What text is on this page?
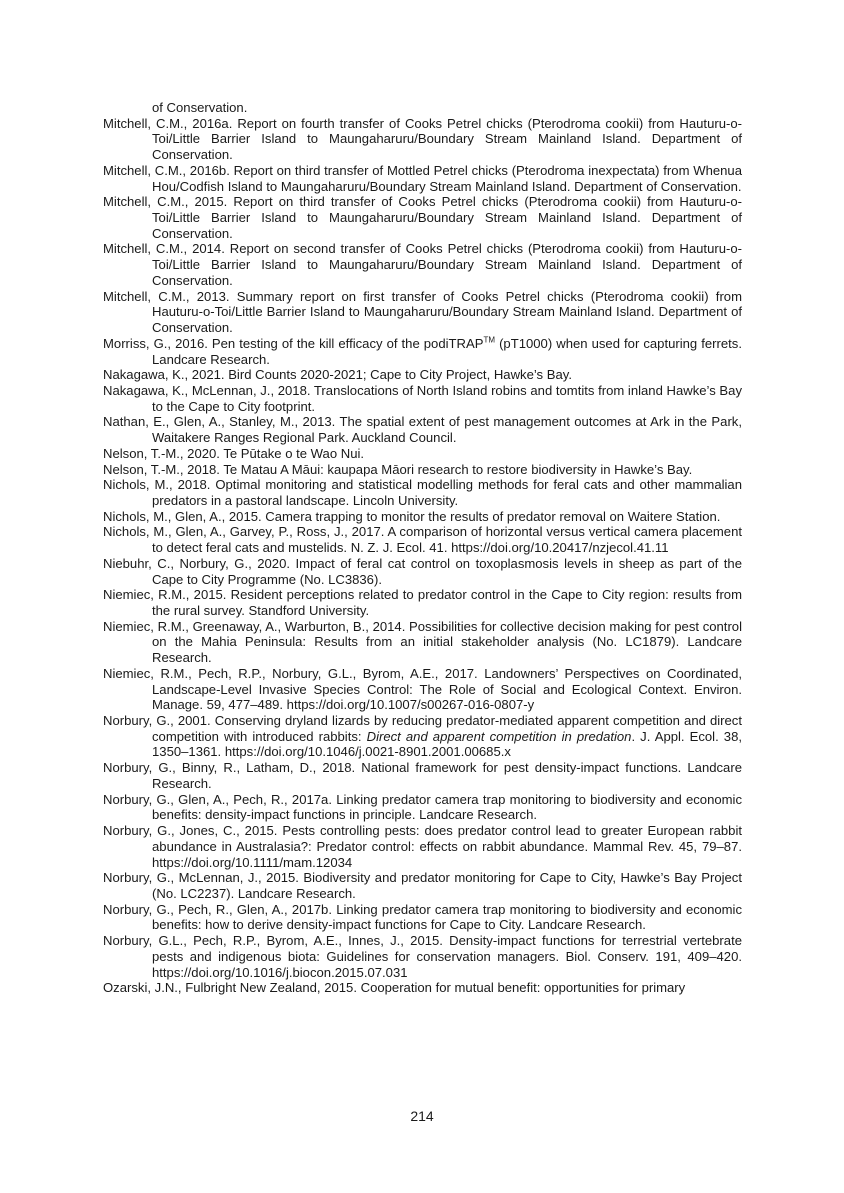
of Conservation.
Mitchell, C.M., 2016a. Report on fourth transfer of Cooks Petrel chicks (Pterodroma cookii) from Hauturu-o-Toi/Little Barrier Island to Maungaharuru/Boundary Stream Mainland Island. Department of Conservation.
Mitchell, C.M., 2016b. Report on third transfer of Mottled Petrel chicks (Pterodroma inexpectata) from Whenua Hou/Codfish Island to Maungaharuru/Boundary Stream Mainland Island. Department of Conservation.
Mitchell, C.M., 2015. Report on third transfer of Cooks Petrel chicks (Pterodroma cookii) from Hauturu-o-Toi/Little Barrier Island to Maungaharuru/Boundary Stream Mainland Island. Department of Conservation.
Mitchell, C.M., 2014. Report on second transfer of Cooks Petrel chicks (Pterodroma cookii) from Hauturu-o-Toi/Little Barrier Island to Maungaharuru/Boundary Stream Mainland Island. Department of Conservation.
Mitchell, C.M., 2013. Summary report on first transfer of Cooks Petrel chicks (Pterodroma cookii) from Hauturu-o-Toi/Little Barrier Island to Maungaharuru/Boundary Stream Mainland Island. Department of Conservation.
Morriss, G., 2016. Pen testing of the kill efficacy of the podiTRAP™ (pT1000) when used for capturing ferrets. Landcare Research.
Nakagawa, K., 2021. Bird Counts 2020-2021; Cape to City Project, Hawke’s Bay.
Nakagawa, K., McLennan, J., 2018. Translocations of North Island robins and tomtits from inland Hawke’s Bay to the Cape to City footprint.
Nathan, E., Glen, A., Stanley, M., 2013. The spatial extent of pest management outcomes at Ark in the Park, Waitakere Ranges Regional Park. Auckland Council.
Nelson, T.-M., 2020. Te Pūtake o te Wao Nui.
Nelson, T.-M., 2018. Te Matau A Māui: kaupapa Māori research to restore biodiversity in Hawke’s Bay.
Nichols, M., 2018. Optimal monitoring and statistical modelling methods for feral cats and other mammalian predators in a pastoral landscape. Lincoln University.
Nichols, M., Glen, A., 2015. Camera trapping to monitor the results of predator removal on Waitere Station.
Nichols, M., Glen, A., Garvey, P., Ross, J., 2017. A comparison of horizontal versus vertical camera placement to detect feral cats and mustelids. N. Z. J. Ecol. 41. https://doi.org/10.20417/nzjecol.41.11
Niebuhr, C., Norbury, G., 2020. Impact of feral cat control on toxoplasmosis levels in sheep as part of the Cape to City Programme (No. LC3836).
Niemiec, R.M., 2015. Resident perceptions related to predator control in the Cape to City region: results from the rural survey. Standford University.
Niemiec, R.M., Greenaway, A., Warburton, B., 2014. Possibilities for collective decision making for pest control on the Mahia Peninsula: Results from an initial stakeholder analysis (No. LC1879). Landcare Research.
Niemiec, R.M., Pech, R.P., Norbury, G.L., Byrom, A.E., 2017. Landowners’ Perspectives on Coordinated, Landscape-Level Invasive Species Control: The Role of Social and Ecological Context. Environ. Manage. 59, 477–489. https://doi.org/10.1007/s00267-016-0807-y
Norbury, G., 2001. Conserving dryland lizards by reducing predator-mediated apparent competition and direct competition with introduced rabbits: Direct and apparent competition in predation. J. Appl. Ecol. 38, 1350–1361. https://doi.org/10.1046/j.0021-8901.2001.00685.x
Norbury, G., Binny, R., Latham, D., 2018. National framework for pest density-impact functions. Landcare Research.
Norbury, G., Glen, A., Pech, R., 2017a. Linking predator camera trap monitoring to biodiversity and economic benefits: density-impact functions in principle. Landcare Research.
Norbury, G., Jones, C., 2015. Pests controlling pests: does predator control lead to greater European rabbit abundance in Australasia?: Predator control: effects on rabbit abundance. Mammal Rev. 45, 79–87. https://doi.org/10.1111/mam.12034
Norbury, G., McLennan, J., 2015. Biodiversity and predator monitoring for Cape to City, Hawke’s Bay Project (No. LC2237). Landcare Research.
Norbury, G., Pech, R., Glen, A., 2017b. Linking predator camera trap monitoring to biodiversity and economic benefits: how to derive density-impact functions for Cape to City. Landcare Research.
Norbury, G.L., Pech, R.P., Byrom, A.E., Innes, J., 2015. Density-impact functions for terrestrial vertebrate pests and indigenous biota: Guidelines for conservation managers. Biol. Conserv. 191, 409–420. https://doi.org/10.1016/j.biocon.2015.07.031
Ozarski, J.N., Fulbright New Zealand, 2015. Cooperation for mutual benefit: opportunities for primary
214
